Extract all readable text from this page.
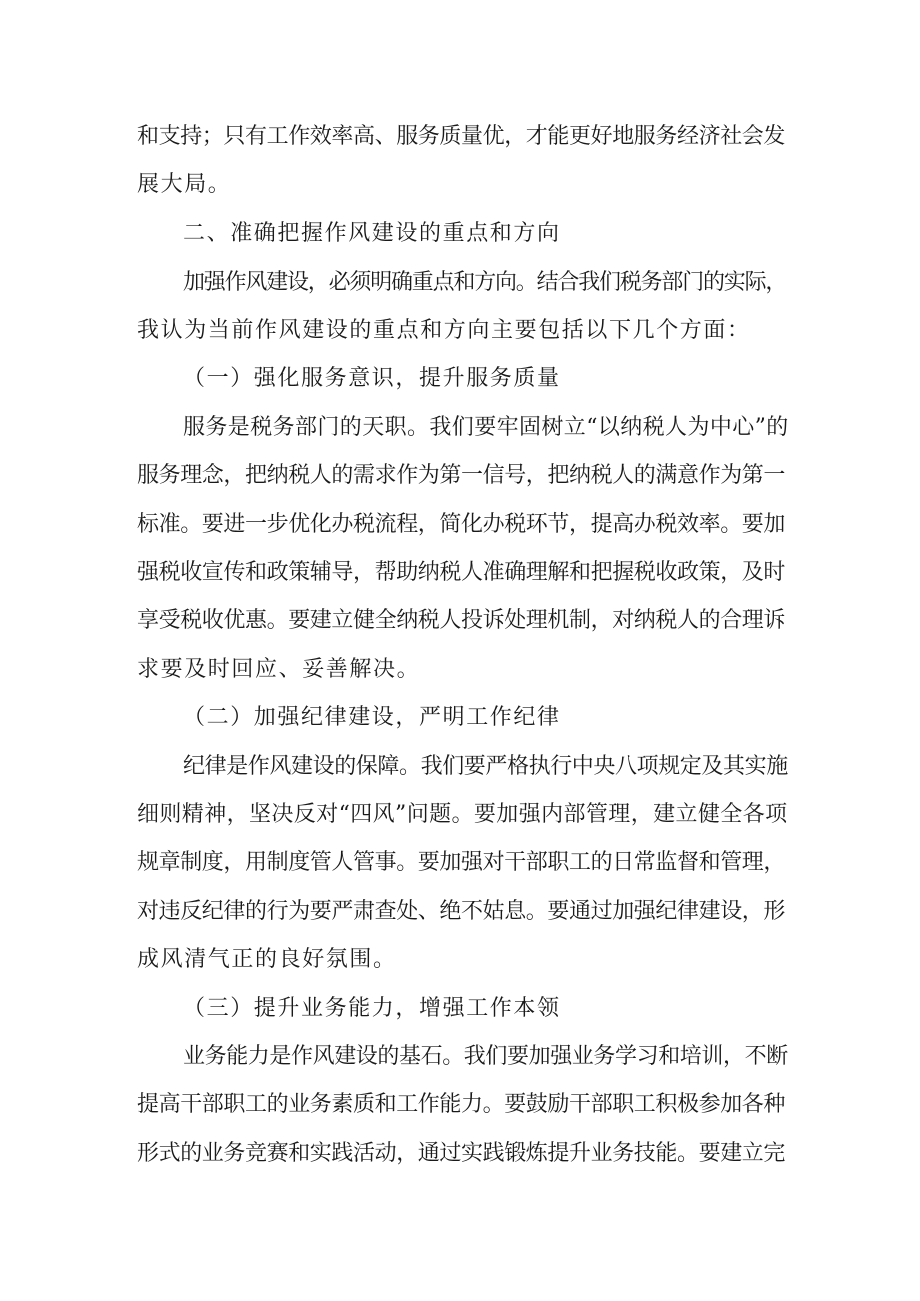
和支持；只有工作效率高、服务质量优，才能更好地服务经济社会发
展大局。
二、准确把握作风建设的重点和方向
加强作风建设，必须明确重点和方向。结合我们税务部门的实际，
我认为当前作风建设的重点和方向主要包括以下几个方面：
（一）强化服务意识，提升服务质量
服务是税务部门的天职。我们要牢固树立“以纳税人为中心”的
服务理念，把纳税人的需求作为第一信号，把纳税人的满意作为第一
标准。要进一步优化办税流程，简化办税环节，提高办税效率。要加
强税收宣传和政策辅导，帮助纳税人准确理解和把握税收政策，及时
享受税收优惠。要建立健全纳税人投诉处理机制，对纳税人的合理诉
求要及时回应、妥善解决。
（二）加强纪律建设，严明工作纪律
纪律是作风建设的保障。我们要严格执行中央八项规定及其实施
细则精神，坚决反对“四风”问题。要加强内部管理，建立健全各项
规章制度，用制度管人管事。要加强对干部职工的日常监督和管理，
对违反纪律的行为要严肃查处、绝不姑息。要通过加强纪律建设，形
成风清气正的良好氛围。
（三）提升业务能力，增强工作本领
业务能力是作风建设的基石。我们要加强业务学习和培训，不断
提高干部职工的业务素质和工作能力。要鼓励干部职工积极参加各种
形式的业务竞赛和实践活动，通过实践锻炼提升业务技能。要建立完
